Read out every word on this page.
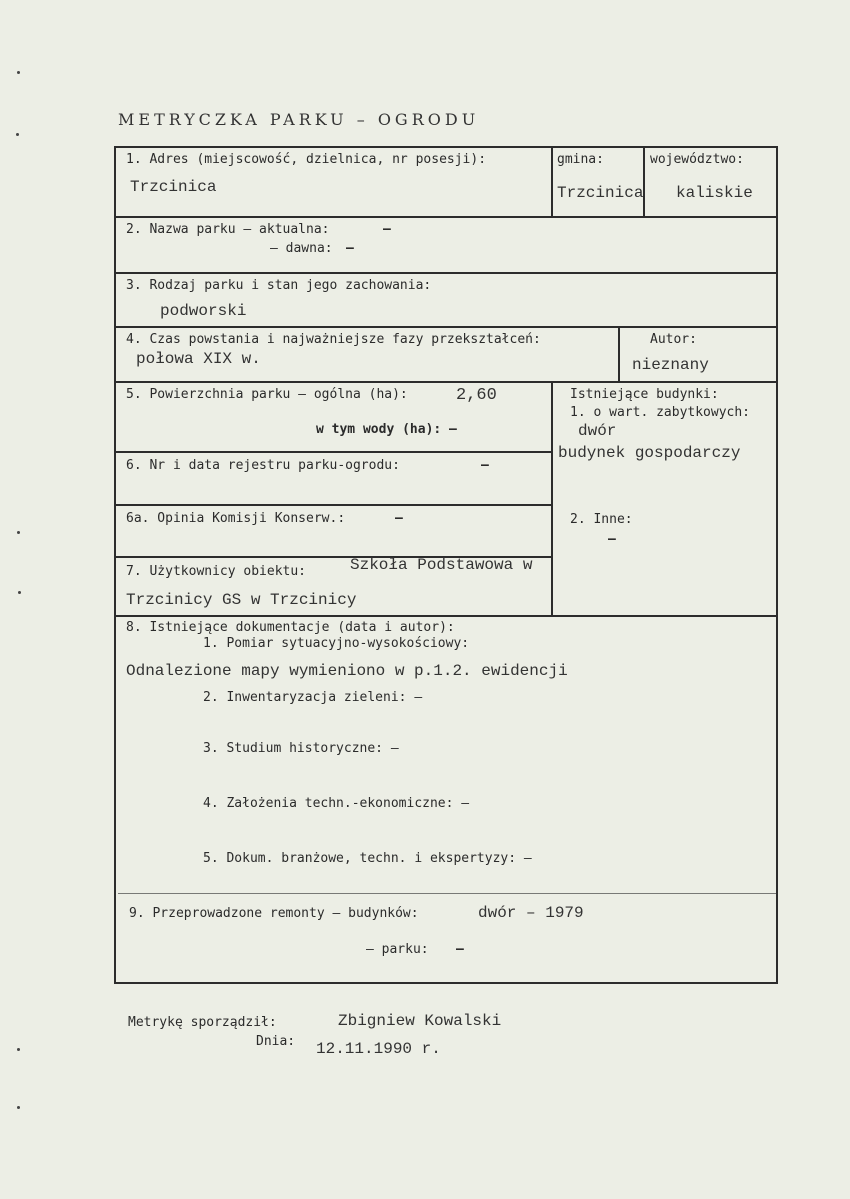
METRYCZKA PARKU – OGRODU
1. Adres (miejscowość, dzielnica, nr posesji):
Trzcinica
gmina:
Trzcinica
województwo:
kaliskie
2. Nazwa parku – aktualna:	–
– dawna: –
3. Rodzaj parku i stan jego zachowania:
podworski
4. Czas powstania i najważniejsze fazy przekształceń:
połowa XIX w.
Autor:
nieznany
5. Powierzchnia parku – ogólna (ha):	2,60
w tym wody (ha): –
Istniejące budynki:
1. o wart. zabytkowych:
dwór
budynek gospodarczy
2. Inne:
–
6. Nr i data rejestru parku-ogrodu:	–
6a. Opinia Komisji Konserw.:	–
7. Użytkownicy obiektu:	Szkoła Podstawowa w
Trzcinicy GS w Trzcinicy
8. Istniejące dokumentacje (data i autor):
1. Pomiar sytuacyjno-wysokościowy:
Odnalezione mapy wymieniono w p.1.2. ewidencji
2. Inwentaryzacja zieleni: –
3. Studium historyczne: –
4. Założenia techn.-ekonomiczne: –
5. Dokum. branżowe, techn. i ekspertyzy: –
9. Przeprowadzone remonty – budynków:	dwór – 1979
– parku: –
Metrykę sporządził:	Zbigniew Kowalski
Dnia: 12.11.1990 r.
